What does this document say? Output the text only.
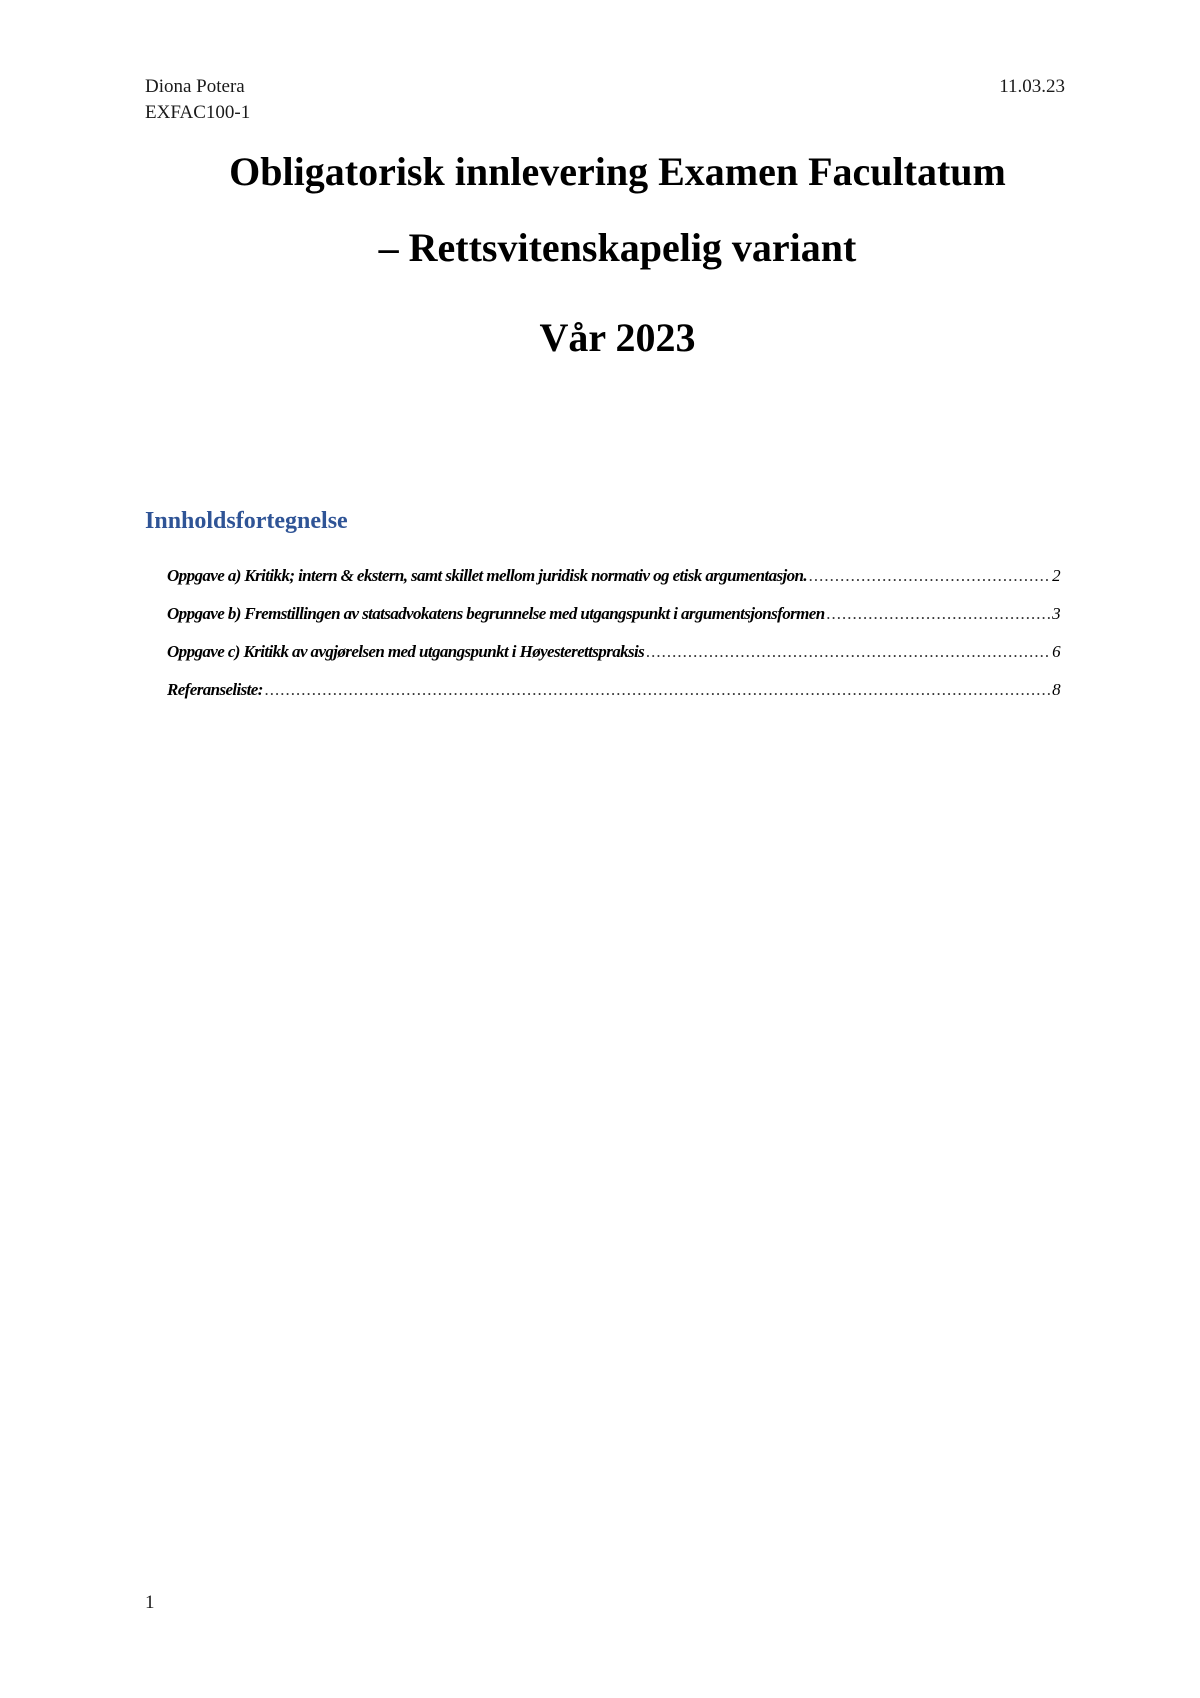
Diona Potera
EXFAC100-1
11.03.23
Obligatorisk innlevering Examen Facultatum
– Rettsvitenskapelig variant
Vår 2023
Innholdsfortegnelse
Oppgave a) Kritikk; intern & ekstern, samt skillet mellom juridisk normativ og etisk argumentasjon. .....	2
Oppgave b) Fremstillingen av statsadvokatens begrunnelse med utgangspunkt i argumentsjonsformen .....	3
Oppgave c) Kritikk av avgjørelsen med utgangspunkt i Høyesterettspraksis .....	6
Referanseliste: .....	8
1
